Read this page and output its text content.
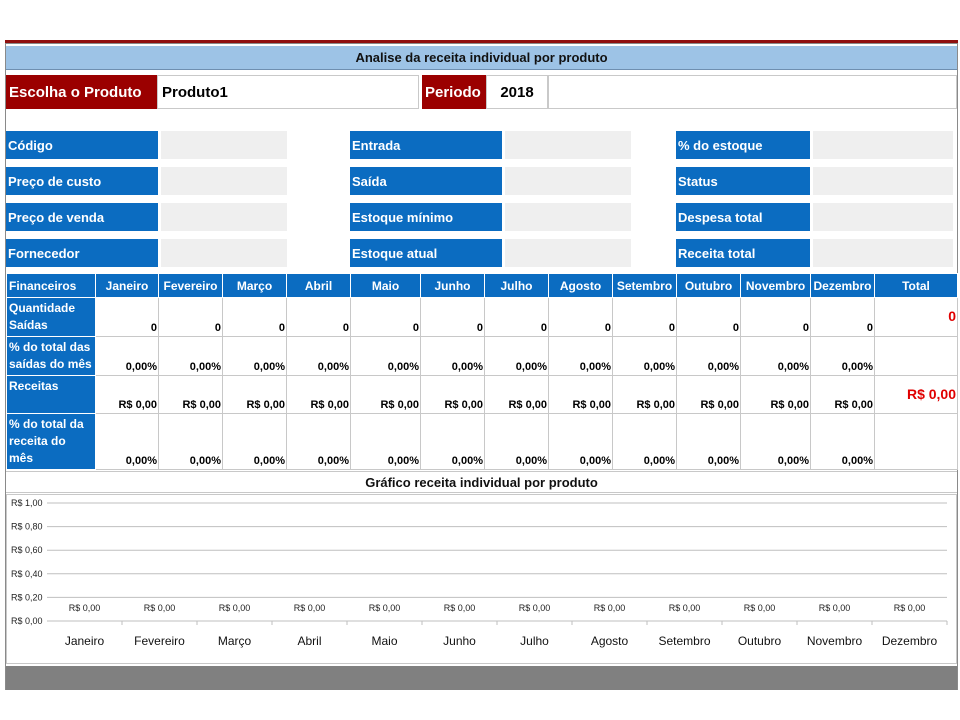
Analise da receita individual por produto
Escolha o Produto	Produto1	Periodo	2018
Código
Preço de custo
Preço de venda
Fornecedor
Entrada
Saída
Estoque mínimo
Estoque atual
% do estoque
Status
Despesa total
Receita total
Financeiros	Janeiro	Fevereiro	Março	Abril	Maio	Junho	Julho	Agosto	Setembro	Outubro	Novembro	Dezembro	Total
Quantidade Saídas	0	0	0	0	0	0	0	0	0	0	0	0	0
% do total das saídas do mês	0,00%	0,00%	0,00%	0,00%	0,00%	0,00%	0,00%	0,00%	0,00%	0,00%	0,00%	0,00%	
Receitas	R$ 0,00	R$ 0,00	R$ 0,00	R$ 0,00	R$ 0,00	R$ 0,00	R$ 0,00	R$ 0,00	R$ 0,00	R$ 0,00	R$ 0,00	R$ 0,00	R$ 0,00
% do total da receita do mês	0,00%	0,00%	0,00%	0,00%	0,00%	0,00%	0,00%	0,00%	0,00%	0,00%	0,00%	0,00%	
Gráfico receita individual por produto
R$ 0,00
R$ 0,20
R$ 0,40
R$ 0,60
R$ 0,80
R$ 1,00
R$ 0,00
Janeiro
R$ 0,00
Fevereiro
R$ 0,00
Março
R$ 0,00
Abril
R$ 0,00
Maio
R$ 0,00
Junho
R$ 0,00
Julho
R$ 0,00
Agosto
R$ 0,00
Setembro
R$ 0,00
Outubro
R$ 0,00
Novembro
R$ 0,00
Dezembro
